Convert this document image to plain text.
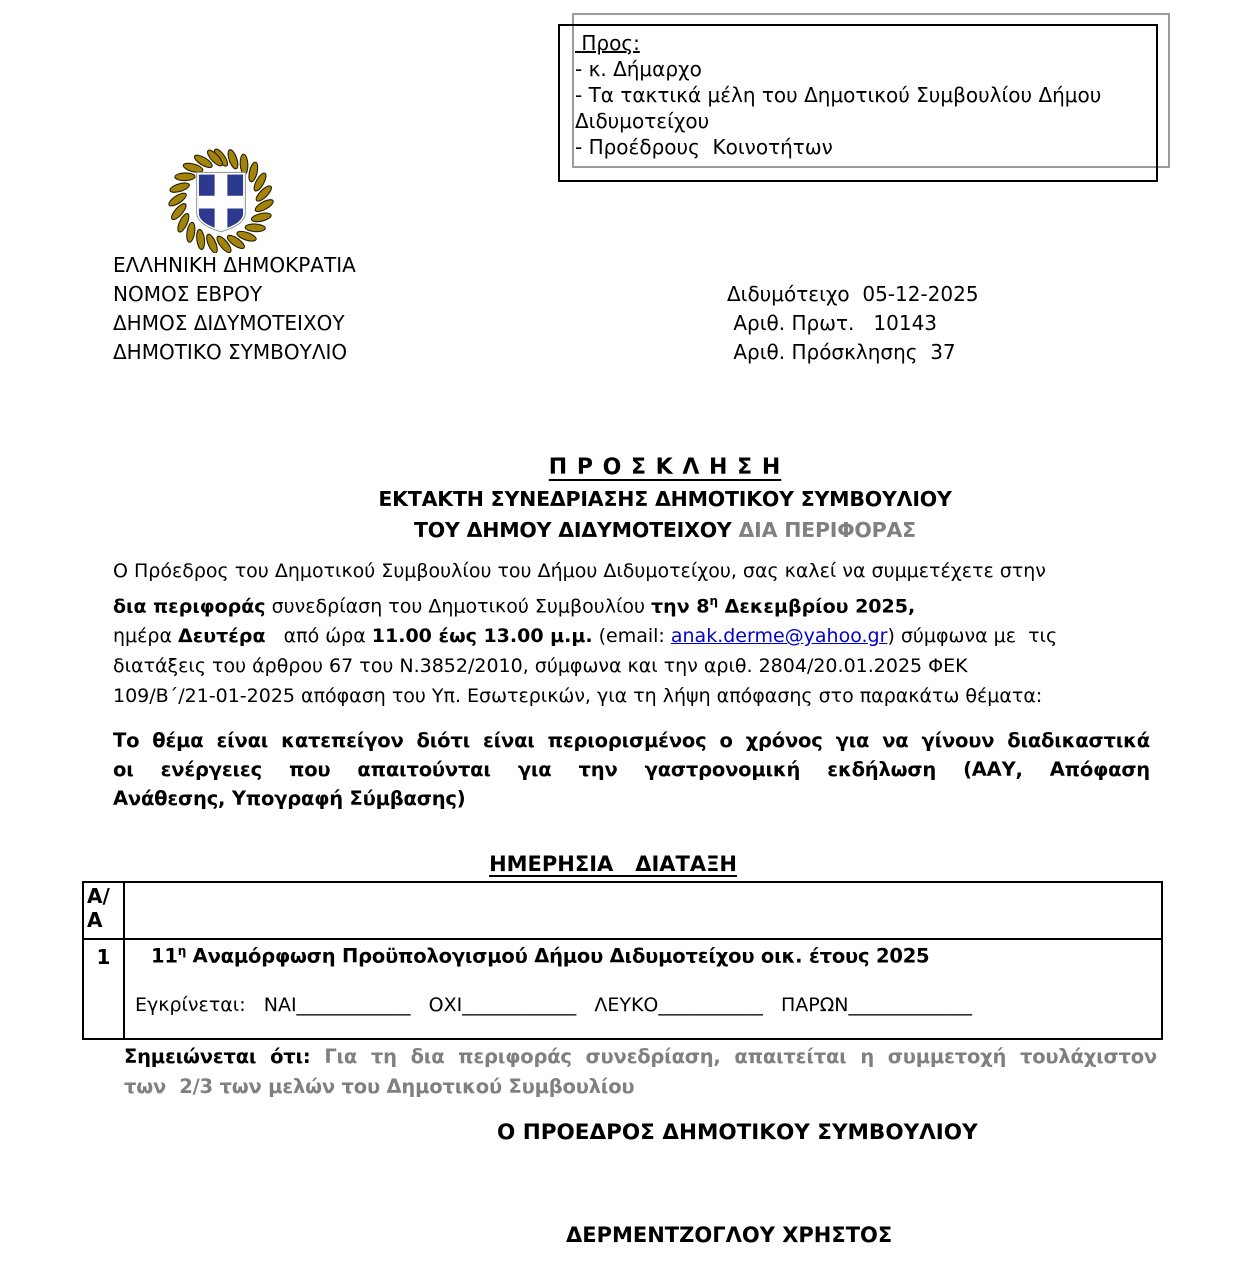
Προς:
- κ. Δήμαρχο
- Τα τακτικά μέλη του Δημοτικού Συμβουλίου Δήμου Διδυμοτείχου
- Προέδρους  Κοινοτήτων
ΕΛΛΗΝΙΚΗ ΔΗΜΟΚΡΑΤΙΑ
ΝΟΜΟΣ ΕΒΡΟΥ
ΔΗΜΟΣ ΔΙΔΥΜΟΤΕΙΧΟΥ
ΔΗΜΟΤΙΚΟ ΣΥΜΒΟΥΛΙΟ
Διδυμότειχο  05-12-2025
Αριθ. Πρωτ.   10143
Αριθ. Πρόσκλησης  37
Π Ρ Ο Σ Κ Λ Η Σ Η
ΕΚΤΑΚΤΗ ΣΥΝΕΔΡΙΑΣΗΣ ΔΗΜΟΤΙΚΟΥ ΣΥΜΒΟΥΛΙΟΥ
ΤΟΥ ΔΗΜΟΥ ΔΙΔΥΜΟΤΕΙΧΟΥ ΔΙΑ ΠΕΡΙΦΟΡΑΣ
Ο Πρόεδρος του Δημοτικού Συμβουλίου του Δήμου Διδυμοτείχου, σας καλεί να συμμετέχετε στην
δια περιφοράς συνεδρίαση του Δημοτικού Συμβουλίου την $8^\eta$ Δεκεμβρίου 2025,
ημέρα Δευτέρα   από ώρα 11.00 έως 13.00 μ.μ. (email: anak.derme@yahoo.gr) σύμφωνα με  τις
διατάξεις του άρθρου 67 του Ν.3852/2010, σύμφωνα και την αριθ. 2804/20.01.2025 ΦΕΚ
109/Β΄/21-01-2025 απόφαση του Υπ. Εσωτερικών, για τη λήψη απόφασης στο παρακάτω θέματα:
Το θέμα είναι κατεπείγον διότι είναι περιορισμένος ο χρόνος για να γίνουν διαδικαστικά
οι ενέργειες που απαιτούνται για την γαστρονομική εκδήλωση (ΑΑΥ, Απόφαση
Ανάθεσης, Υπογραφή Σύμβασης)
ΗΜΕΡΗΣΙΑ   ΔΙΑΤΑΞΗ
Α/Α
1	$11^\eta$ Αναμόρφωση Προϋπολογισμού Δήμου Διδυμοτείχου οικ. έτους 2025
Εγκρίνεται:   ΝΑΙ____________   ΟΧΙ____________   ΛΕΥΚΟ___________   ΠΑΡΩΝ_____________
Σημειώνεται ότι: Για τη δια περιφοράς συνεδρίαση, απαιτείται η συμμετοχή τουλάχιστον
των  2/3 των μελών του Δημοτικού Συμβουλίου
Ο ΠΡΟΕΔΡΟΣ ΔΗΜΟΤΙΚΟΥ ΣΥΜΒΟΥΛΙΟΥ
ΔΕΡΜΕΝΤΖΟΓΛΟΥ ΧΡΗΣΤΟΣ
